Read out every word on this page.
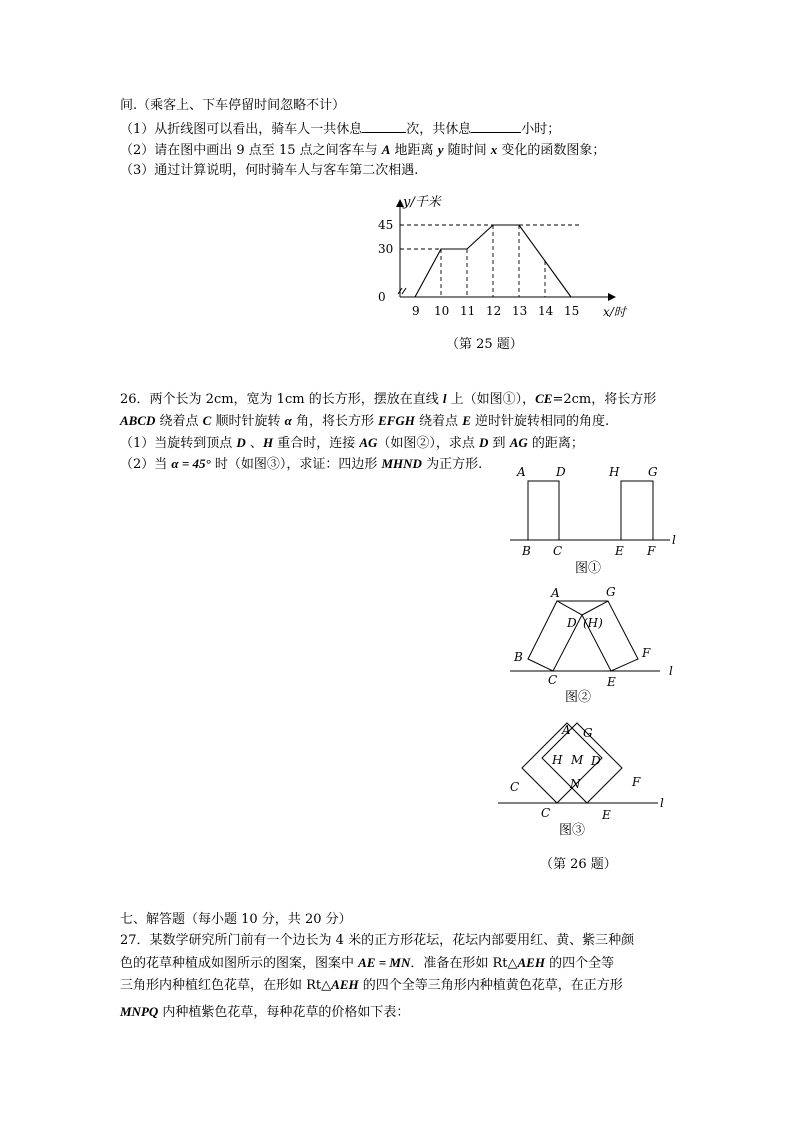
间.（乘客上、下车停留时间忽略不计）
（1）从折线图可以看出，骑车人一共休息	次，共休息	小时；
（2）请在图中画出 9 点至 15 点之间客车与 A 地距离 y 随时间 x 变化的函数图象；
（3）通过计算说明，何时骑车人与客车第二次相遇.
y/千米
x/时
9 10 11 12 13 14 15
45
30
0
（第 25 题）
26．两个长为 2cm，宽为 1cm 的长方形，摆放在直线 l 上（如图①），CE=2cm，将长方形
ABCD 绕着点 C 顺时针旋转 α 角，将长方形 EFGH 绕着点 E 逆时针旋转相同的角度.
（1）当旋转到顶点 D 、H 重合时，连接 AG（如图②），求点 D 到 AG 的距离；
（2）当 α = 45° 时（如图③），求证：四边形 MHND 为正方形.	A	D	H G
B C	E F
l
图①
A	G
D (H)
B	F
C	E
l
图②
A G
H M D
C	F
N
C	E
l
图③
（第 26 题）
七、解答题（每小题 10 分，共 20 分）
27．某数学研究所门前有一个边长为 4 米的正方形花坛，花坛内部要用红、黄、紫三种颜
色的花草种植成如图所示的图案，图案中 AE = MN．准备在形如 Rt△AEH 的四个全等
三角形内种植红色花草，在形如 Rt△AEH 的四个全等三角形内种植黄色花草，在正方形
MNPQ 内种植紫色花草，每种花草的价格如下表：
